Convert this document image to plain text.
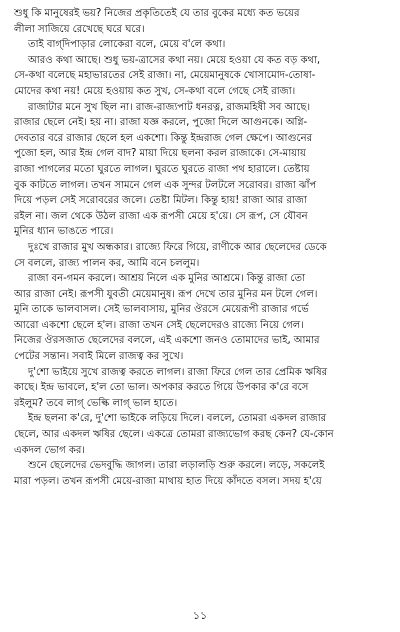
শুধু কি মানুষেরই ভয়? নিজের প্রকৃতিতেই যে তার বুকের মধ্যে কত ভয়ের
লীলা সাজিয়ে রেখেছে ঘরে ঘরে।
তাই বাগ্‌দিপাড়ার লোকেরা বলে, মেয়ে ব'লে কথা।
আরও কথা আছে। শুধু ভয়-ত্রাসের কথা নয়। মেয়ে হওয়া যে কত বড় কথা,
সে-কথা বলেছে মহাভারতের সেই রাজা। না, মেয়েমানুষকে খোসামোদ-তোষা-
মোদের কথা নয়! মেয়ে হওয়ায় কত সুখ, সে-কথা বলে গেছে সেই রাজা।
রাজাটার মনে সুখ ছিল না। রাজ-রাজ্যপাট ধনরত্ন, রাজমহিষী সব আছে।
রাজার ছেলে নেই। হয় না। রাজা যজ্ঞ করলে, পুজো দিলে আগুনকে। অগ্নি-
দেবতার বরে রাজার ছেলে হল একশো। কিন্তু ইন্দ্ররাজ গেল ক্ষেপে। আগুনের
পুজো হল, আর ইন্দ্র গেল বাদ? মায়া দিয়ে ছলনা করল রাজাকে। সে-মায়ায়
রাজা পাগলের মতো ঘুরতে লাগল। ঘুরতে ঘুরতে রাজা পথ হারালে। তেষ্টায়
বুক কাটতে লাগল। তখন সামনে গেল এক সুন্দর টলটলে সরোবর। রাজা ঝাঁপ
দিয়ে পড়ল সেই সরোবরের জলে। তেষ্টা মিটল। কিন্তু হায়! রাজা আর রাজা
রইল না। জল থেকে উঠল রাজা এক রূপসী মেয়ে হ'য়ে। সে রূপ, সে যৌবন
মুনির ধ্যান ভাঙতে পারে।
দুঃখে রাজার মুখ অন্ধকার। রাজ্যে ফিরে গিয়ে, রাণীকে আর ছেলেদের ডেকে
সে বললে, রাজ্য পালন কর, আমি বনে চললুম।
রাজা বন-গমন করলে। আশ্রয় নিলে এক মুনির আশ্রমে। কিন্তু রাজা তো
আর রাজা নেই। রূপসী যুবতী মেয়েমানুষ। রূপ দেখে তার মুনির মন টলে গেল।
মুনি তাকে ভালবাসল। সেই ভালবাসায়, মুনির ঔরসে মেয়েরূপী রাজার গর্ভে
আরো একশো ছেলে হ'ল। রাজা তখন সেই ছেলেদেরও রাজ্যে নিয়ে গেল।
নিজের ঔরসজাত ছেলেদের বললে, এই একশো জনও তোমাদের ভাই, আমার
পেটের সন্তান। সবাই মিলে রাজত্ব কর সুখে।
দু'শো ভাইয়ে সুখে রাজত্ব করতে লাগল। রাজা ফিরে গেল তার প্রেমিক ঋষির
কাছে। ইন্দ্র ভাবলে, হ'ল তো ভাল। অপকার করতে গিয়ে উপকার ক'রে বসে
রইলুম? তবে লাগ্‌ ভেল্কি লাগ্‌ ভাল হাতে।
ইন্দ্র ছলনা ক'রে, দু'শো ভাইকে লড়িয়ে দিলে। বললে, তোমরা একদল রাজার
ছেলে, আর একদল ঋষির ছেলে। একত্রে তোমরা রাজ্যভোগ করছ কেন? যে-কোন
একদল ভোগ কর।
শুনে ছেলেদের ভেদবুদ্ধি জাগল। তারা লড়ালড়ি শুরু করলে। লড়ে, সকলেই
মারা পড়ল। তখন রূপসী মেয়ে-রাজা মাথায় হাত দিয়ে কাঁদতে বসল। সদয় হ'য়ে
১১
